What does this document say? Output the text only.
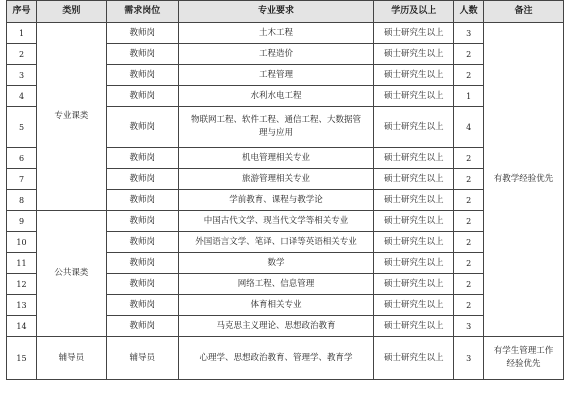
序号	类别	需求岗位	专业要求	学历及以上	人数	备注
1	专业课类	教师岗	土木工程	硕士研究生以上	3	有教学经验优先
2		教师岗	工程造价	硕士研究生以上	2	
3		教师岗	工程管理	硕士研究生以上	2	
4		教师岗	水利水电工程	硕士研究生以上	1	
5		教师岗	物联网工程、软件工程、通信工程、大数据管理与应用	硕士研究生以上	4	
6		教师岗	机电管理相关专业	硕士研究生以上	2	
7		教师岗	旅游管理相关专业	硕士研究生以上	2	
8		教师岗	学前教育、课程与教学论	硕士研究生以上	2	
9	公共课类	教师岗	中国古代文学、现当代文学等相关专业	硕士研究生以上	2	
10		教师岗	外国语言文学、笔译、口译等英语相关专业	硕士研究生以上	2	
11		教师岗	数学	硕士研究生以上	2	
12		教师岗	网络工程、信息管理	硕士研究生以上	2	
13		教师岗	体育相关专业	硕士研究生以上	2	
14		教师岗	马克思主义理论、思想政治教育	硕士研究生以上	3	
15	辅导员	辅导员	心理学、思想政治教育、管理学、教育学	硕士研究生以上	3	有学生管理工作经验优先
